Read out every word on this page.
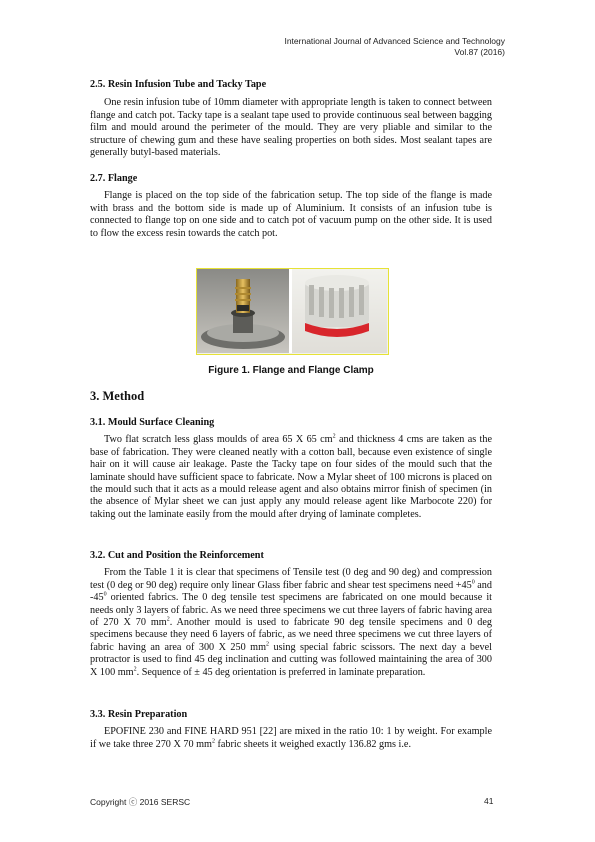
International Journal of Advanced Science and Technology
Vol.87 (2016)

2.5. Resin Infusion Tube and Tacky Tape

One resin infusion tube of 10mm diameter with appropriate length is taken to connect between flange and catch pot. Tacky tape is a sealant tape used to provide continuous seal between bagging film and mould around the perimeter of the mould. They are very pliable and similar to the structure of chewing gum and these have sealing properties on both sides. Most sealant tapes are generally butyl-based materials.

2.7. Flange

Flange is placed on the top side of the fabrication setup. The top side of the flange is made with brass and the bottom side is made up of Aluminium. It consists of an infusion tube is connected to flange top on one side and to catch pot of vacuum pump on the other side. It is used to flow the excess resin towards the catch pot.

Figure 1. Flange and Flange Clamp

3. Method

3.1. Mould Surface Cleaning

Two flat scratch less glass moulds of area 65 X 65 $cm^2$ and thickness 4 cms are taken as the base of fabrication. They were cleaned neatly with a cotton ball, because even existence of single hair on it will cause air leakage. Paste the Tacky tape on four sides of the mould such that the laminate should have sufficient space to fabricate. Now a Mylar sheet of 100 microns is placed on the mould such that it acts as a mould release agent and also obtains mirror finish of specimen (in the absence of Mylar sheet we can just apply any mould release agent like Marbocote 220) for taking out the laminate easily from the mould after drying of laminate completes.

3.2. Cut and Position the Reinforcement

From the Table 1 it is clear that specimens of Tensile test (0 deg and 90 deg) and compression test (0 deg or 90 deg) require only linear Glass fiber fabric and shear test specimens need $+45^0$ and $-45^0$ oriented fabrics. The 0 deg tensile test specimens are fabricated on one mould because it needs only 3 layers of fabric. As we need three specimens we cut three layers of fabric having area of 270 X 70 $mm^2$. Another mould is used to fabricate 90 deg tensile specimens and 0 deg specimens because they need 6 layers of fabric, as we need three specimens we cut three layers of fabric having an area of 300 X 250 $mm^2$ using special fabric scissors. The next day a bevel protractor is used to find 45 deg inclination and cutting was followed maintaining the area of 300 X 100 $mm^2$. Sequence of ± 45 deg orientation is preferred in laminate preparation.

3.3. Resin Preparation

EPOFINE 230 and FINE HARD 951 [22] are mixed in the ratio 10: 1 by weight. For example if we take three 270 X 70 $mm^2$ fabric sheets it weighed exactly 136.82 gms i.e.

Copyright ⓒ 2016 SERSC	41
